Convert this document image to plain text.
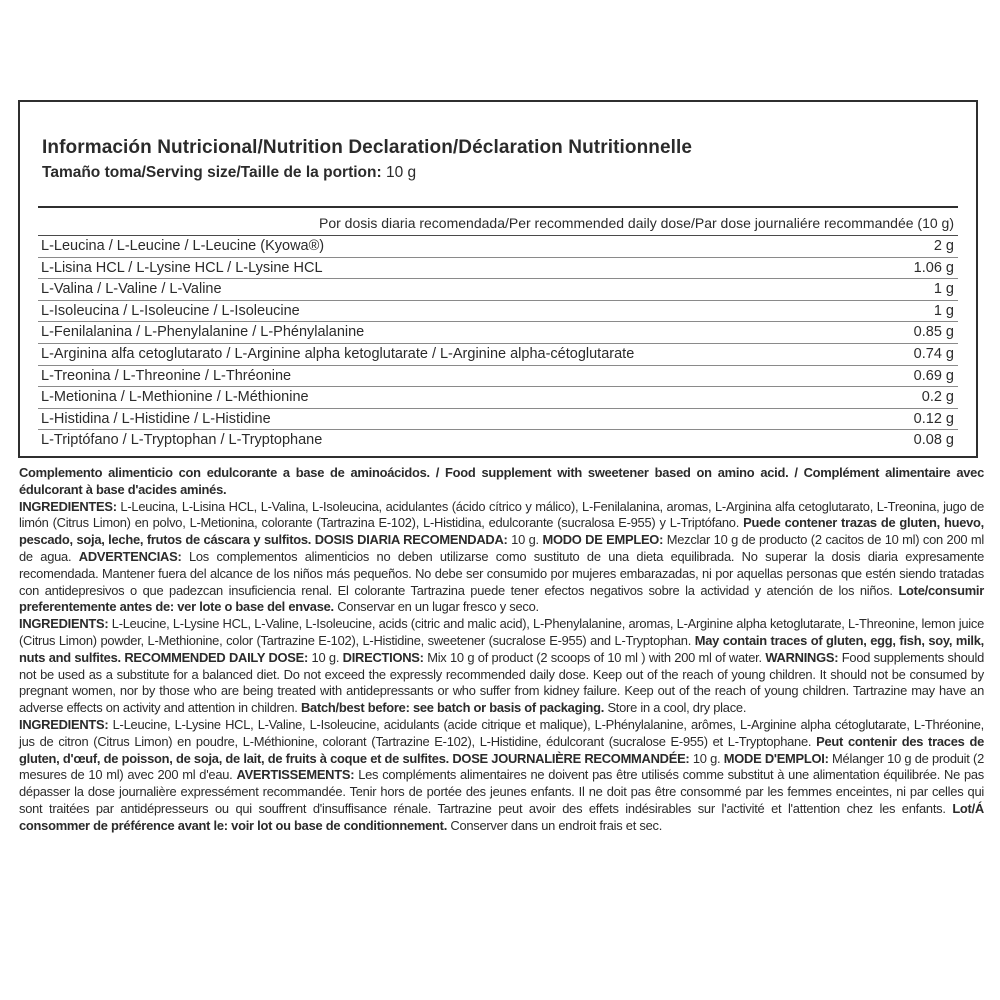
Información Nutricional/Nutrition Declaration/Déclaration Nutritionnelle
Tamaño toma/Serving size/Taille de la portion: 10 g
Por dosis diaria recomendada/Per recommended daily dose/Par dose journaliére recommandée (10 g)
L-Leucina / L-Leucine / L-Leucine (Kyowa®)	2 g
L-Lisina HCL / L-Lysine HCL / L-Lysine HCL	1.06 g
L-Valina / L-Valine / L-Valine	1 g
L-Isoleucina / L-Isoleucine / L-Isoleucine	1 g
L-Fenilalanina / L-Phenylalanine / L-Phénylalanine	0.85 g
L-Arginina alfa cetoglutarato / L-Arginine alpha ketoglutarate / L-Arginine alpha-cétoglutarate	0.74 g
L-Treonina / L-Threonine / L-Thréonine	0.69 g
L-Metionina / L-Methionine / L-Méthionine	0.2 g
L-Histidina / L-Histidine / L-Histidine	0.12 g
L-Triptófano / L-Tryptophan / L-Tryptophane	0.08 g

Complemento alimenticio con edulcorante a base de aminoácidos. / Food supplement with sweetener based on amino acid. / Complément alimentaire avec édulcorant à base d'acides aminés.

INGREDIENTES: L-Leucina, L-Lisina HCL, L-Valina, L-Isoleucina, acidulantes (ácido cítrico y málico), L-Fenilalanina, aromas, L-Arginina alfa cetoglutarato, L-Treonina, jugo de limón (Citrus Limon) en polvo, L-Metionina, colorante (Tartrazina E-102), L-Histidina, edulcorante (sucralosa E-955) y L-Triptófano. Puede contener trazas de gluten, huevo, pescado, soja, leche, frutos de cáscara y sulfitos. DOSIS DIARIA RECOMENDADA: 10 g. MODO DE EMPLEO: Mezclar 10 g de producto (2 cacitos de 10 ml) con 200 ml de agua. ADVERTENCIAS: Los complementos alimenticios no deben utilizarse como sustituto de una dieta equilibrada. No superar la dosis diaria expresamente recomendada. Mantener fuera del alcance de los niños más pequeños. No debe ser consumido por mujeres embarazadas, ni por aquellas personas que estén siendo tratadas con antidepresivos o que padezcan insuficiencia renal. El colorante Tartrazina puede tener efectos negativos sobre la actividad y atención de los niños. Lote/consumir preferentemente antes de: ver lote o base del envase. Conservar en un lugar fresco y seco.

INGREDIENTS: L-Leucine, L-Lysine HCL, L-Valine, L-Isoleucine, acids (citric and malic acid), L-Phenylalanine, aromas, L-Arginine alpha ketoglutarate, L-Threonine, lemon juice (Citrus Limon) powder, L-Methionine, color (Tartrazine E-102), L-Histidine, sweetener (sucralose E-955) and L-Tryptophan. May contain traces of gluten, egg, fish, soy, milk, nuts and sulfites. RECOMMENDED DAILY DOSE: 10 g. DIRECTIONS: Mix 10 g of product (2 scoops of 10 ml ) with 200 ml of water. WARNINGS: Food supplements should not be used as a substitute for a balanced diet. Do not exceed the expressly recommended daily dose. Keep out of the reach of young children. It should not be consumed by pregnant women, nor by those who are being treated with antidepressants or who suffer from kidney failure. Keep out of the reach of young children. Tartrazine may have an adverse effects on activity and attention in children. Batch/best before: see batch or basis of packaging. Store in a cool, dry place.

INGREDIENTS: L-Leucine, L-Lysine HCL, L-Valine, L-Isoleucine, acidulants (acide citrique et malique), L-Phénylalanine, arômes, L-Arginine alpha cétoglutarate, L-Thréonine, jus de citron (Citrus Limon) en poudre, L-Méthionine, colorant (Tartrazine E-102), L-Histidine, édulcorant (sucralose E-955) et L-Tryptophane. Peut contenir des traces de gluten, d'œuf, de poisson, de soja, de lait, de fruits à coque et de sulfites. DOSE JOURNALIÈRE RECOMMANDÉE: 10 g. MODE D'EMPLOI: Mélanger 10 g de produit (2 mesures de 10 ml) avec 200 ml d'eau. AVERTISSEMENTS: Les compléments alimentaires ne doivent pas être utilisés comme substitut à une alimentation équilibrée. Ne pas dépasser la dose journalière expressément recommandée. Tenir hors de portée des jeunes enfants. Il ne doit pas être consommé par les femmes enceintes, ni par celles qui sont traitées par antidépresseurs ou qui souffrent d'insuffisance rénale. Tartrazine peut avoir des effets indésirables sur l'activité et l'attention chez les enfants. Lot/Á consommer de préférence avant le: voir lot ou base de conditionnement. Conserver dans un endroit frais et sec.
